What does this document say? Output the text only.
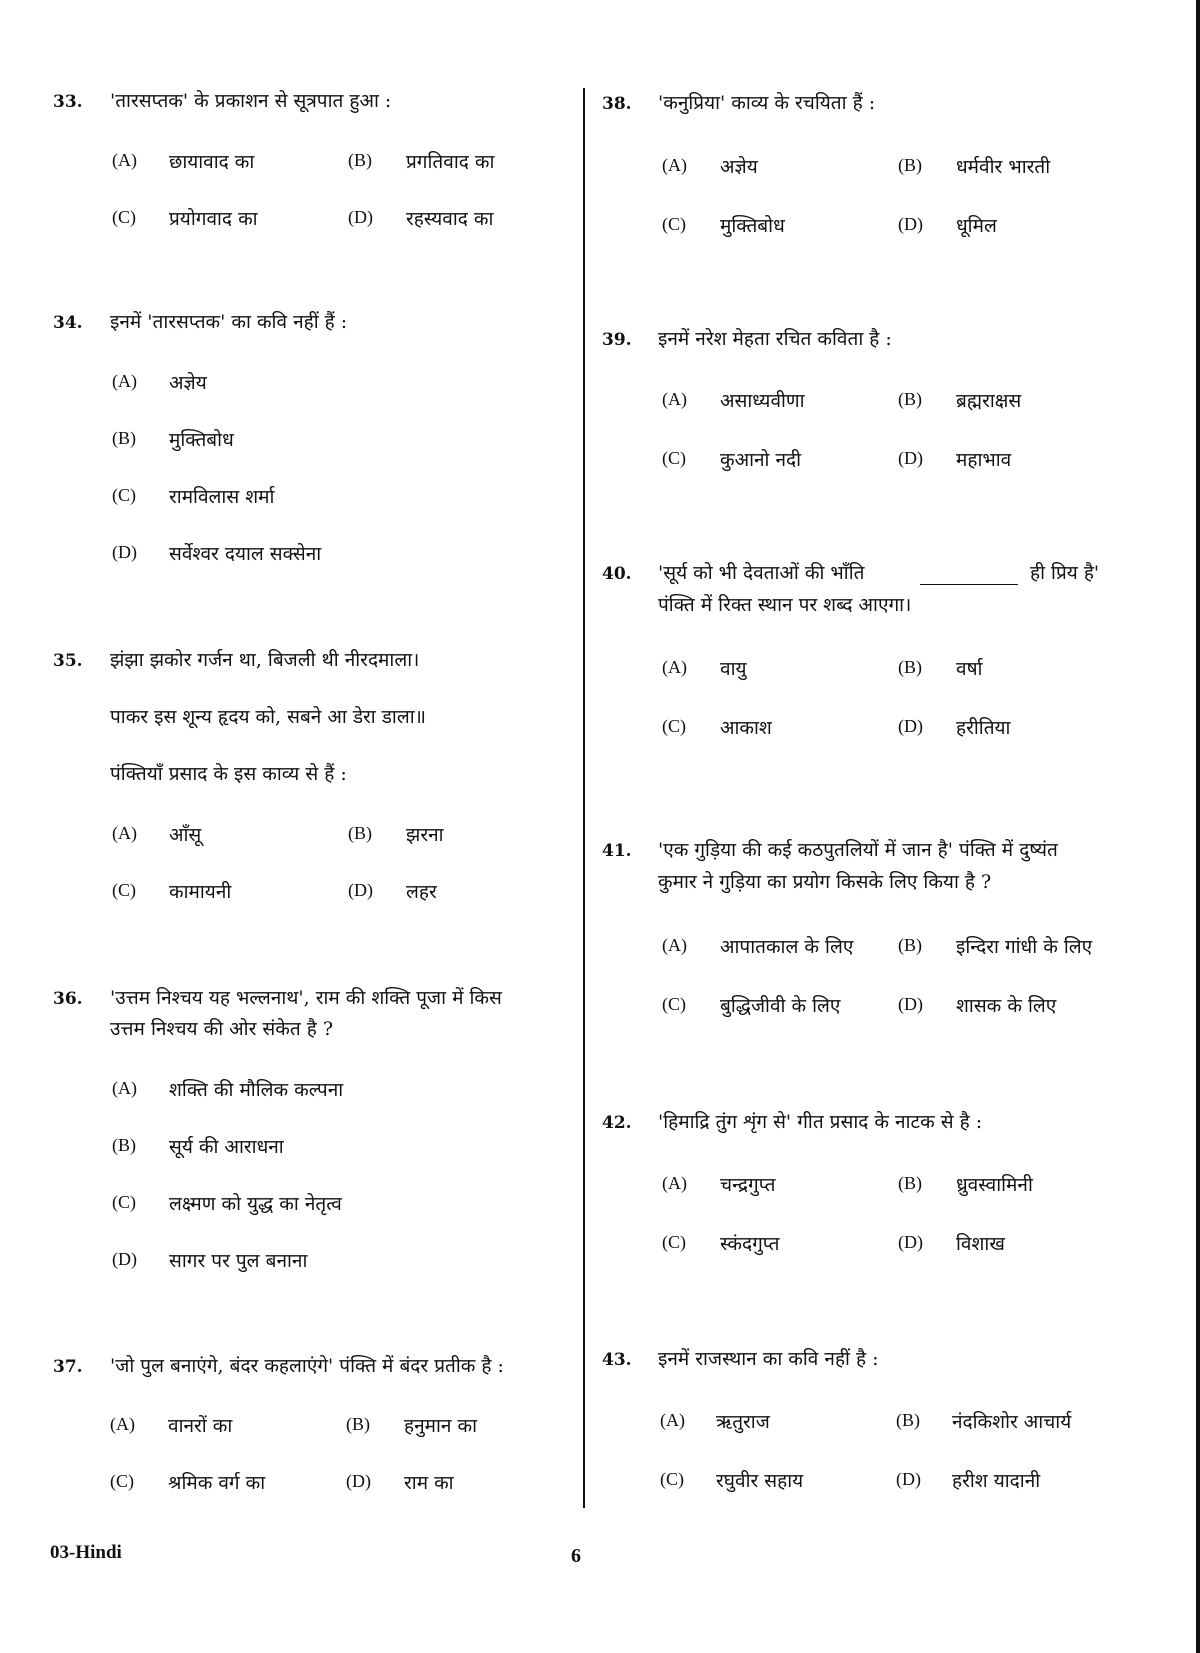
33. 'तारसप्तक' के प्रकाशन से सूत्रपात हुआ :
(A) छायावाद का	(B) प्रगतिवाद का
(C) प्रयोगवाद का	(D) रहस्यवाद का
34. इनमें 'तारसप्तक' का कवि नहीं हैं :
(A) अज्ञेय
(B) मुक्तिबोध
(C) रामविलास शर्मा
(D) सर्वेश्वर दयाल सक्सेना
35. झंझा झकोर गर्जन था, बिजली थी नीरदमाला।
पाकर इस शून्य हृदय को, सबने आ डेरा डाला॥
पंक्तियाँ प्रसाद के इस काव्य से हैं :
(A) आँसू	(B) झरना
(C) कामायनी	(D) लहर
36. 'उत्तम निश्चय यह भल्लनाथ', राम की शक्ति पूजा में किस
उत्तम निश्चय की ओर संकेत है ?
(A) शक्ति की मौलिक कल्पना
(B) सूर्य की आराधना
(C) लक्ष्मण को युद्ध का नेतृत्व
(D) सागर पर पुल बनाना
37. 'जो पुल बनाएंगे, बंदर कहलाएंगे' पंक्ति में बंदर प्रतीक है :
(A) वानरों का	(B) हनुमान का
(C) श्रमिक वर्ग का	(D) राम का
38. 'कनुप्रिया' काव्य के रचयिता हैं :
(A) अज्ञेय	(B) धर्मवीर भारती
(C) मुक्तिबोध	(D) धूमिल
39. इनमें नरेश मेहता रचित कविता है :
(A) असाध्यवीणा	(B) ब्रह्मराक्षस
(C) कुआनो नदी	(D) महाभाव
40. 'सूर्य को भी देवताओं की भाँति	ही प्रिय है'
पंक्ति में रिक्त स्थान पर शब्द आएगा।
(A) वायु	(B) वर्षा
(C) आकाश	(D) हरीतिया
41. 'एक गुड़िया की कई कठपुतलियों में जान है' पंक्ति में दुष्यंत
कुमार ने गुड़िया का प्रयोग किसके लिए किया है ?
(A) आपातकाल के लिए (B) इन्दिरा गांधी के लिए
(C) बुद्धिजीवी के लिए	(D) शासक के लिए
42. 'हिमाद्रि तुंग शृंग से' गीत प्रसाद के नाटक से है :
(A) चन्द्रगुप्त	(B) ध्रुवस्वामिनी
(C) स्कंदगुप्त	(D) विशाख
43. इनमें राजस्थान का कवि नहीं है :
(A) ऋतुराज	(B) नंदकिशोर आचार्य
(C) रघुवीर सहाय	(D) हरीश यादानी
03-Hindi	6
